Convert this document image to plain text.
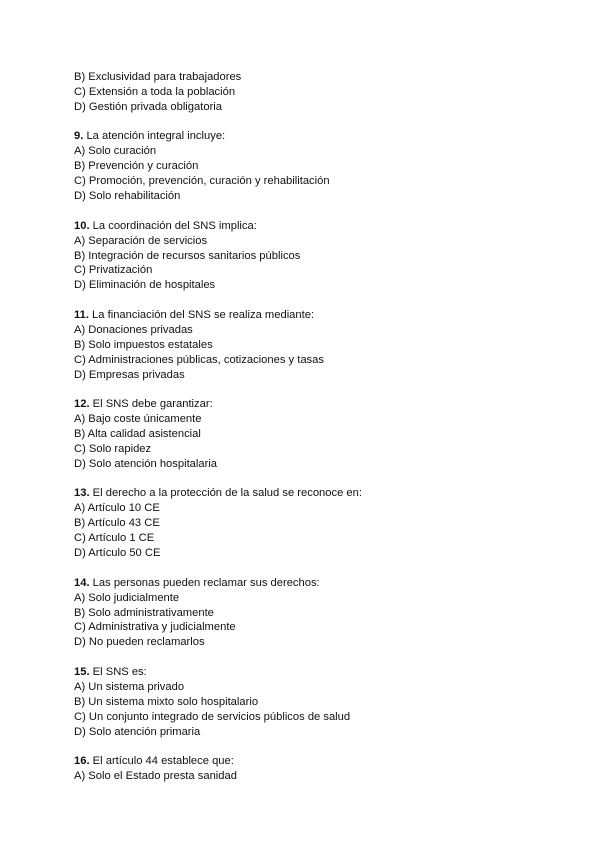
B) Exclusividad para trabajadores
C) Extensión a toda la población
D) Gestión privada obligatoria
9. La atención integral incluye:
A) Solo curación
B) Prevención y curación
C) Promoción, prevención, curación y rehabilitación
D) Solo rehabilitación
10. La coordinación del SNS implica:
A) Separación de servicios
B) Integración de recursos sanitarios públicos
C) Privatización
D) Eliminación de hospitales
11. La financiación del SNS se realiza mediante:
A) Donaciones privadas
B) Solo impuestos estatales
C) Administraciones públicas, cotizaciones y tasas
D) Empresas privadas
12. El SNS debe garantizar:
A) Bajo coste únicamente
B) Alta calidad asistencial
C) Solo rapidez
D) Solo atención hospitalaria
13. El derecho a la protección de la salud se reconoce en:
A) Artículo 10 CE
B) Artículo 43 CE
C) Artículo 1 CE
D) Artículo 50 CE
14. Las personas pueden reclamar sus derechos:
A) Solo judicialmente
B) Solo administrativamente
C) Administrativa y judicialmente
D) No pueden reclamarlos
15. El SNS es:
A) Un sistema privado
B) Un sistema mixto solo hospitalario
C) Un conjunto integrado de servicios públicos de salud
D) Solo atención primaria
16. El artículo 44 establece que:
A) Solo el Estado presta sanidad
